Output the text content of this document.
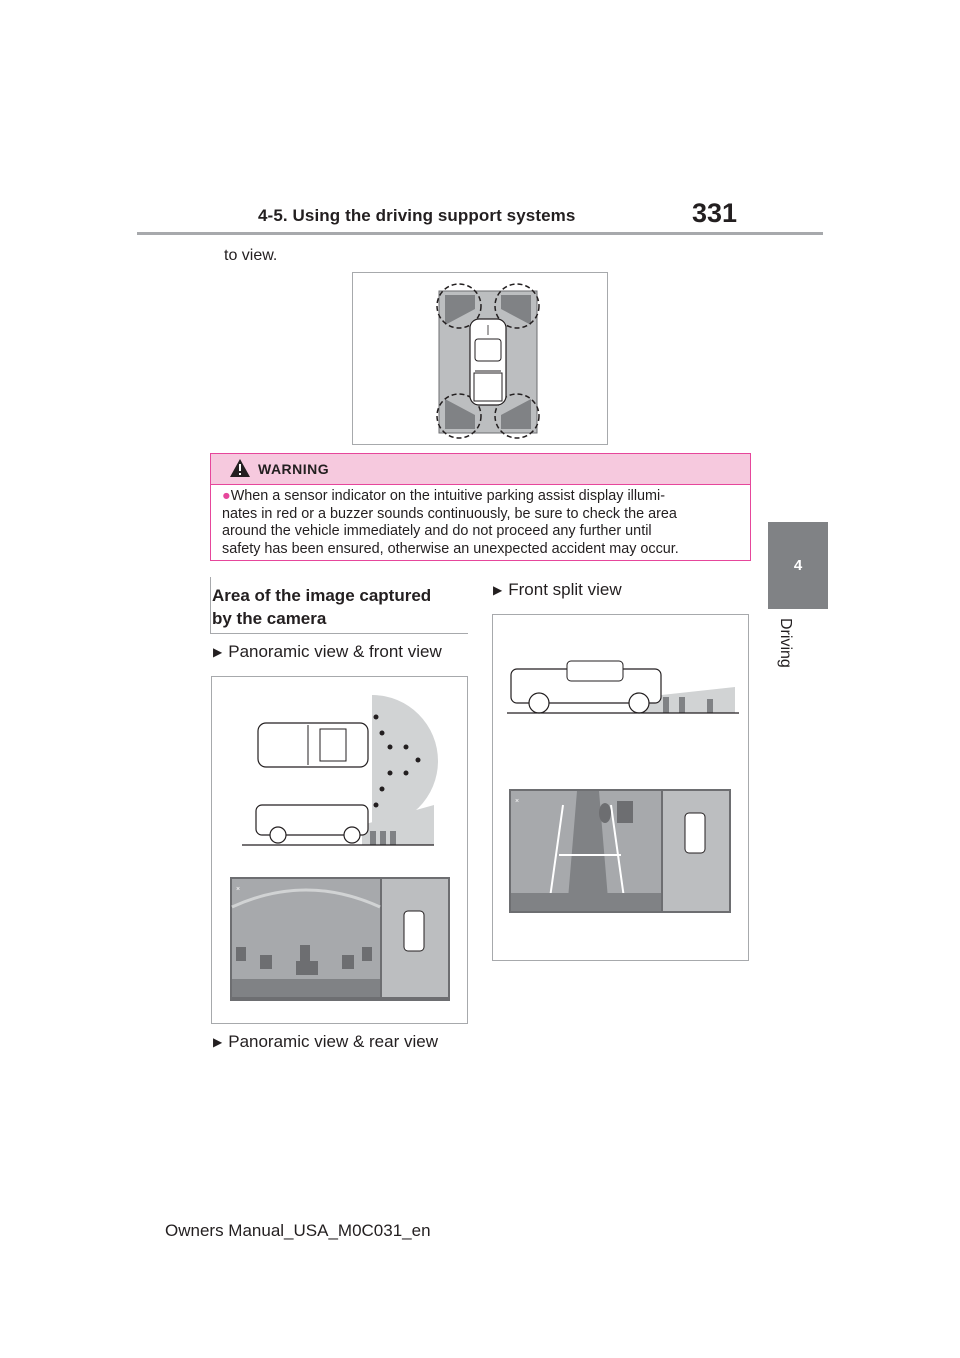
4-5. Using the driving support systems	331
4
Driving
to view.
WARNING
●When a sensor indicator on the intuitive parking assist display illumi-
nates in red or a buzzer sounds continuously, be sure to check the area
around the vehicle immediately and do not proceed any further until
safety has been ensured, otherwise an unexpected accident may occur.
Area of the image captured
by the camera
▶ Panoramic view & front view
×
▶ Panoramic view & rear view
▶ Front split view
×
Owners Manual_USA_M0C031_en
